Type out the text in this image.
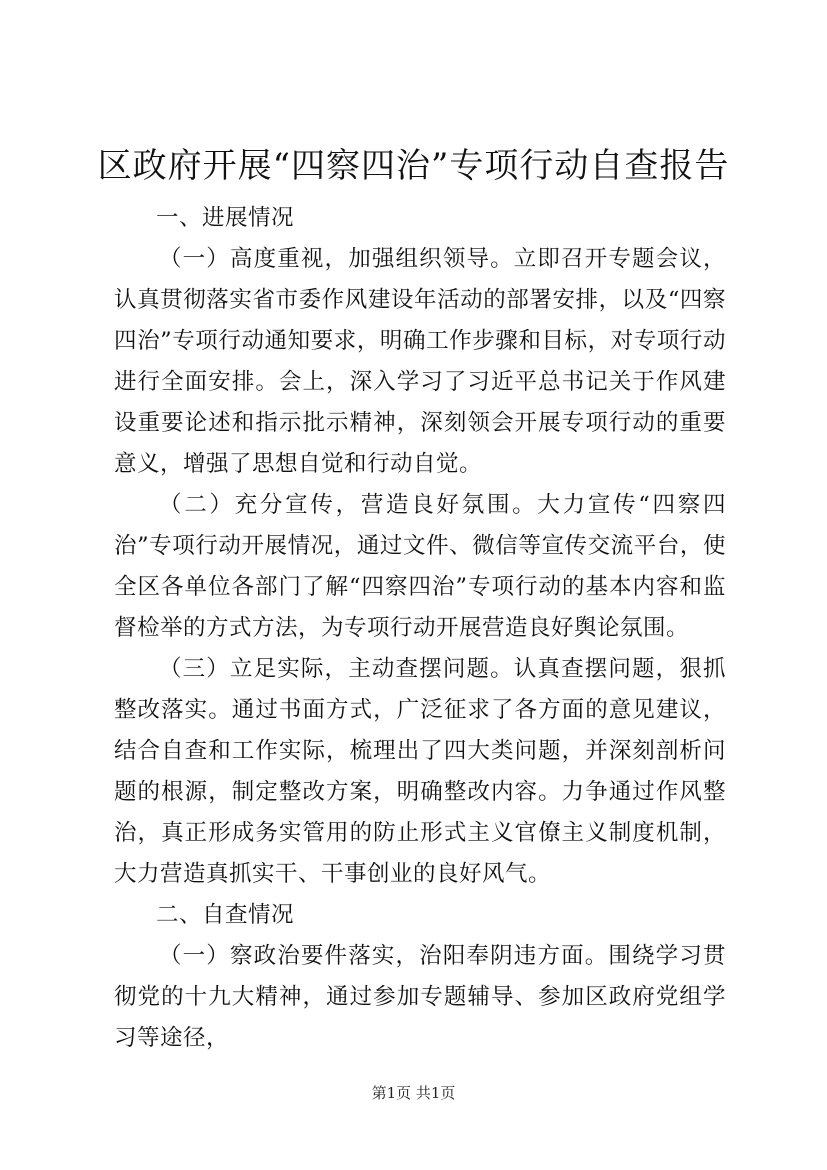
区政府开展“四察四治”专项行动自查报告

一、进展情况

（一）高度重视，加强组织领导。立即召开专题会议，认真贯彻落实省市委作风建设年活动的部署安排，以及“四察四治”专项行动通知要求，明确工作步骤和目标，对专项行动进行全面安排。会上，深入学习了习近平总书记关于作风建设重要论述和指示批示精神，深刻领会开展专项行动的重要意义，增强了思想自觉和行动自觉。

（二）充分宣传，营造良好氛围。大力宣传“四察四治”专项行动开展情况，通过文件、微信等宣传交流平台，使全区各单位各部门了解“四察四治”专项行动的基本内容和监督检举的方式方法，为专项行动开展营造良好舆论氛围。

（三）立足实际，主动查摆问题。认真查摆问题，狠抓整改落实。通过书面方式，广泛征求了各方面的意见建议，结合自查和工作实际，梳理出了四大类问题，并深刻剖析问题的根源，制定整改方案，明确整改内容。力争通过作风整治，真正形成务实管用的防止形式主义官僚主义制度机制，大力营造真抓实干、干事创业的良好风气。

二、自查情况

（一）察政治要件落实，治阳奉阴违方面。围绕学习贯彻党的十九大精神，通过参加专题辅导、参加区政府党组学习等途径，

第1页 共1页
